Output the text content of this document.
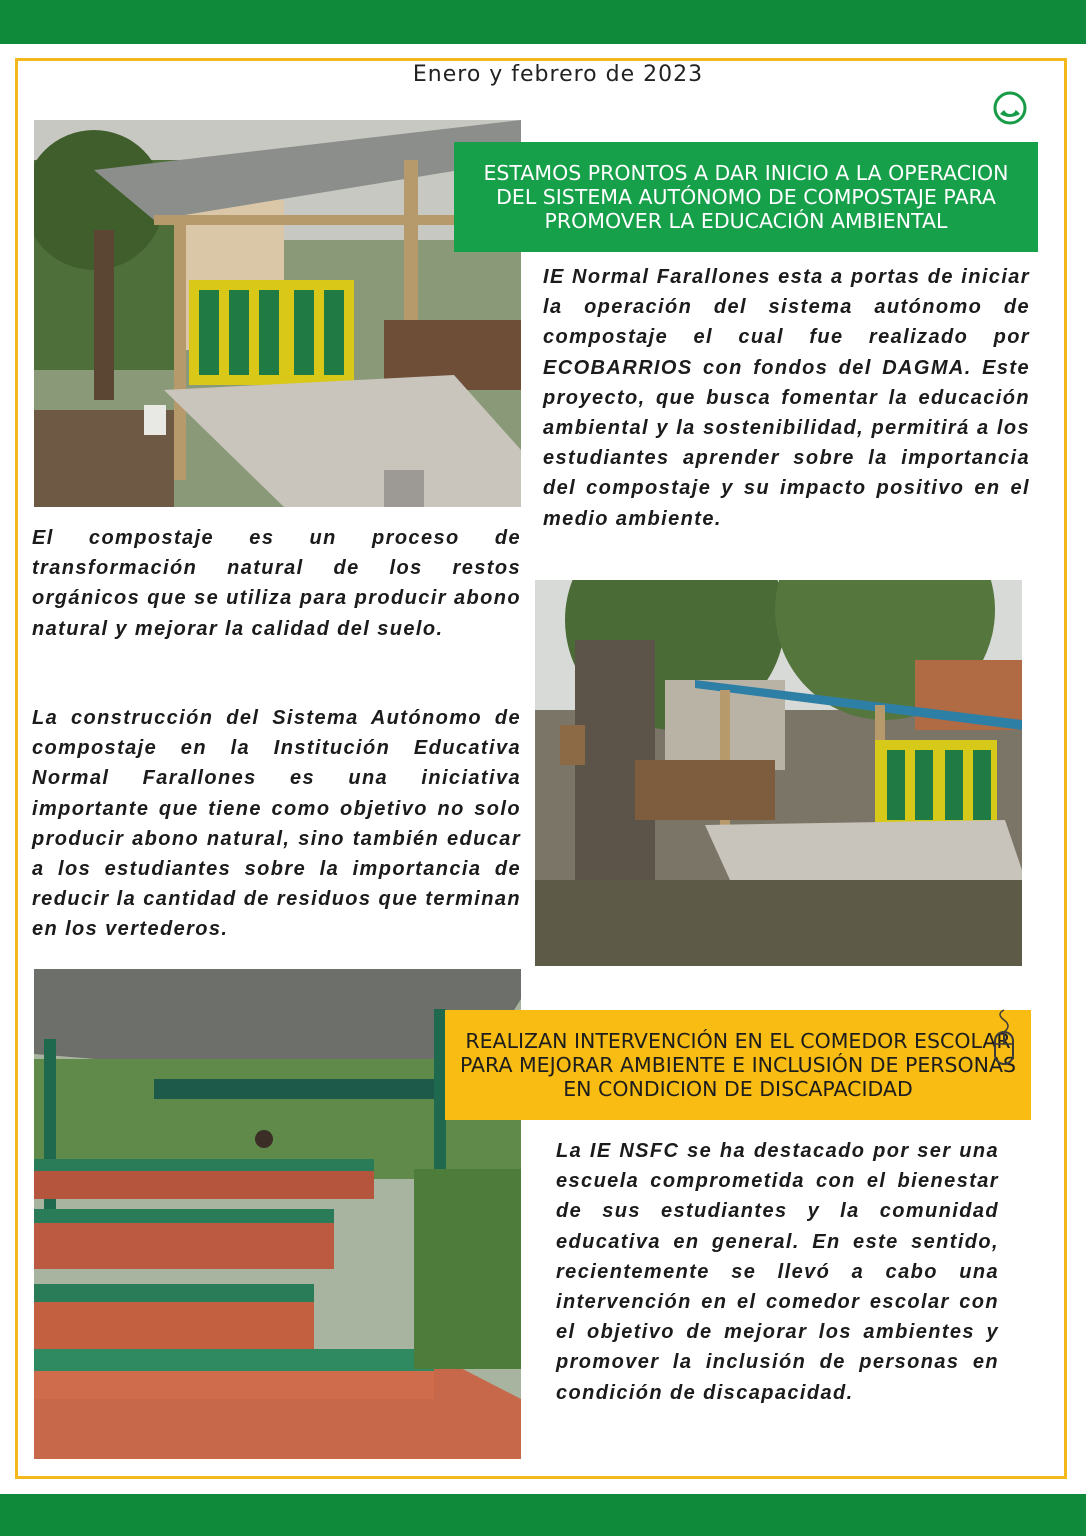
Enero y febrero de 2023
ESTAMOS PRONTOS A DAR INICIO A LA OPERACION DEL SISTEMA AUTÓNOMO DE COMPOSTAJE PARA PROMOVER LA EDUCACIÓN AMBIENTAL

IE Normal Farallones esta a portas de iniciar la operación del sistema autónomo de compostaje el cual fue realizado por ECOBARRIOS con fondos del DAGMA. Este proyecto, que busca fomentar la educación ambiental y la sostenibilidad, permitirá a los estudiantes aprender sobre la importancia del compostaje y su impacto positivo en el medio ambiente.

El compostaje es un proceso de transformación natural de los restos orgánicos que se utiliza para producir abono natural y mejorar la calidad del suelo.

La construcción del Sistema Autónomo de compostaje en la Institución Educativa Normal Farallones es una iniciativa importante que tiene como objetivo no solo producir abono natural, sino también educar a los estudiantes sobre la importancia de reducir la cantidad de residuos que terminan en los vertederos.

REALIZAN INTERVENCIÓN EN EL COMEDOR ESCOLAR PARA MEJORAR AMBIENTE E INCLUSIÓN DE PERSONAS EN CONDICION DE DISCAPACIDAD

La IE NSFC se ha destacado por ser una escuela comprometida con el bienestar de sus estudiantes y la comunidad educativa en general. En este sentido, recientemente se llevó a cabo una intervención en el comedor escolar con el objetivo de mejorar los ambientes y promover la inclusión de personas en condición de discapacidad.
